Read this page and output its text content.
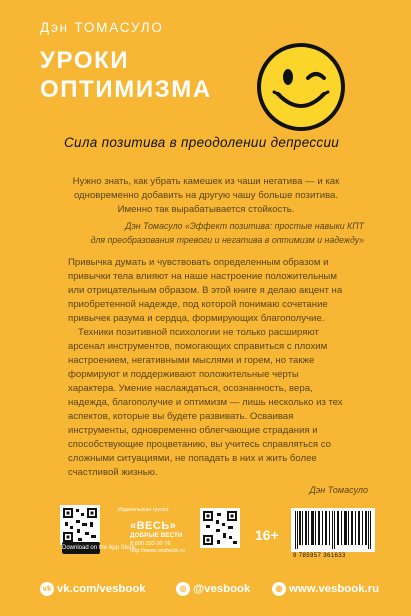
Дэн ТОМАСУЛО
УРОКИ
ОПТИМИЗМА
Сила позитива в преодолении депрессии
Нужно знать, как убрать камешек из чаши негатива — и как
одновременно добавить на другую чашу больше позитива.
Именно так вырабатывается стойкость.
Дэн Томасуло «Эффект позитива: простые навыки КПТ
для преобразования тревоги и негатива в оптимизм и надежду»
Привычка думать и чувствовать определенным образом и
привычки тела влияют на наше настроение положительным
или отрицательным образом. В этой книге я делаю акцент на
приобретенной надежде, под которой понимаю сочетание
привычек разума и сердца, формирующих благополучие.
Техники позитивной психологии не только расширяют
арсенал инструментов, помогающих справиться с плохим
настроением, негативными мыслями и горем, но также
формируют и поддерживают положительные черты
характера. Умение наслаждаться, осознанность, вера,
надежда, благополучие и оптимизм — лишь несколько из тех
аспектов, которые вы будете развивать. Осваивая
инструменты, одновременно облегчающие страдания и
способствующие процветанию, вы учитесь справляться со
сложными ситуациями, не попадать в них и жить более
счастливой жизнью.
Дэн Томасуло
Download on the App Store
Издательская группа
«ВЕСЬ»
ДОБРЫЕ ВЕСТИ
8 800 333 00 76
http://www.vesbook.ru
16+
9 785957 361633
vk vk.com/vesbook	◎ @vesbook	◍ www.vesbook.ru
